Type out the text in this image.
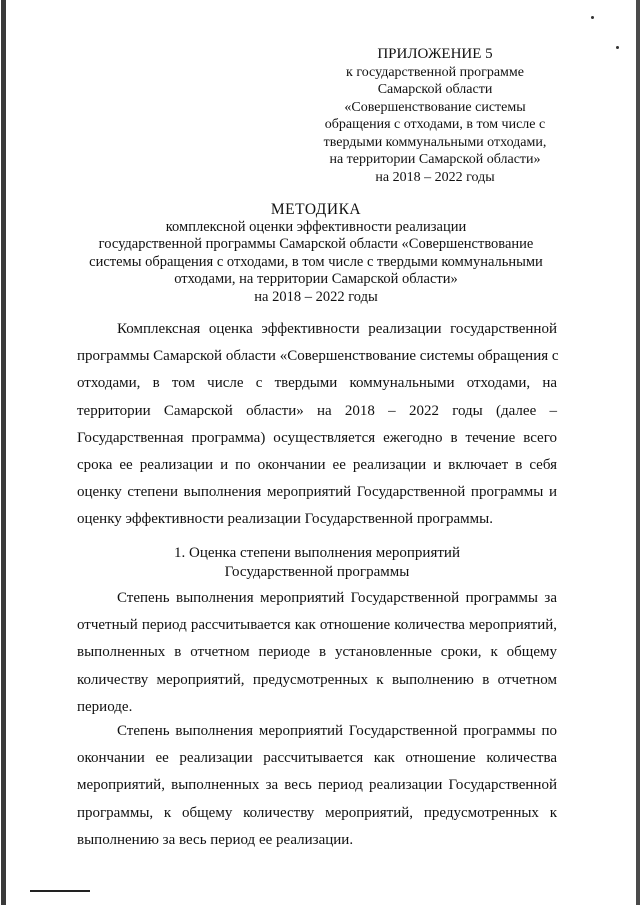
ПРИЛОЖЕНИЕ 5
к государственной программе
Самарской области
«Совершенствование системы
обращения с отходами, в том числе с
твердыми коммунальными отходами,
на территории Самарской области»
на 2018 – 2022 годы
МЕТОДИКА
комплексной оценки эффективности реализации
государственной программы Самарской области «Совершенствование
системы обращения с отходами, в том числе с твердыми коммунальными
отходами, на территории Самарской области»
на 2018 – 2022 годы
Комплексная оценка эффективности реализации государственной
программы Самарской области «Совершенствование системы обращения с
отходами, в том числе с твердыми коммунальными отходами, на
территории Самарской области» на 2018 – 2022 годы (далее –
Государственная программа) осуществляется ежегодно в течение всего
срока ее реализации и по окончании ее реализации и включает в себя
оценку степени выполнения мероприятий Государственной программы и
оценку эффективности реализации Государственной программы.
1. Оценка степени выполнения мероприятий
Государственной программы
Степень выполнения мероприятий Государственной программы за
отчетный период рассчитывается как отношение количества мероприятий,
выполненных в отчетном периоде в установленные сроки, к общему
количеству мероприятий, предусмотренных к выполнению в отчетном
периоде.
Степень выполнения мероприятий Государственной программы по
окончании ее реализации рассчитывается как отношение количества
мероприятий, выполненных за весь период реализации Государственной
программы, к общему количеству мероприятий, предусмотренных к
выполнению за весь период ее реализации.
